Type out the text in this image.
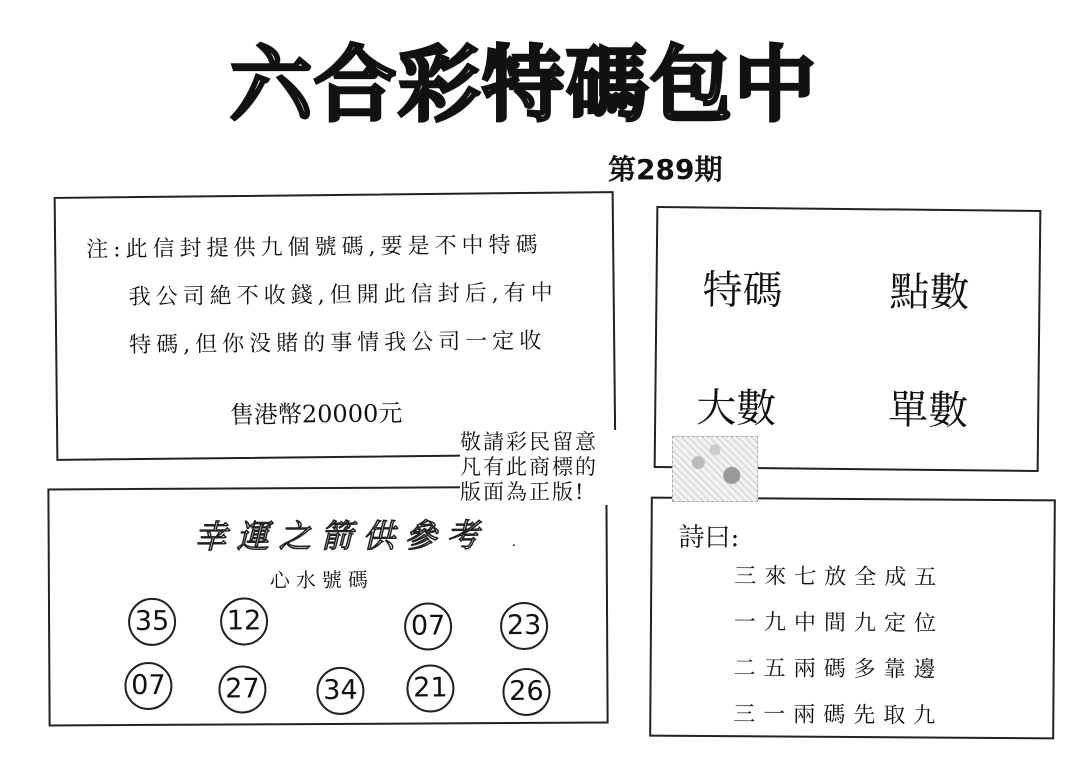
六合彩特碼包中
第289期
注:此信封提供九個號碼,要是不中特碼
我公司絶不收錢,但開此信封后,有中
特碼,但你没賭的事情我公司一定收
售港幣20000元
特碼	點數
大數	單數
幸運之箭供參考 ·
心水號碼
35 12	07 23
07 27 34 21 26
詩曰:
三來七放全成五
一九中間九定位
二五兩碼多靠邊
三一兩碼先取九
敬請彩民留意
凡有此商標的
版面為正版!
